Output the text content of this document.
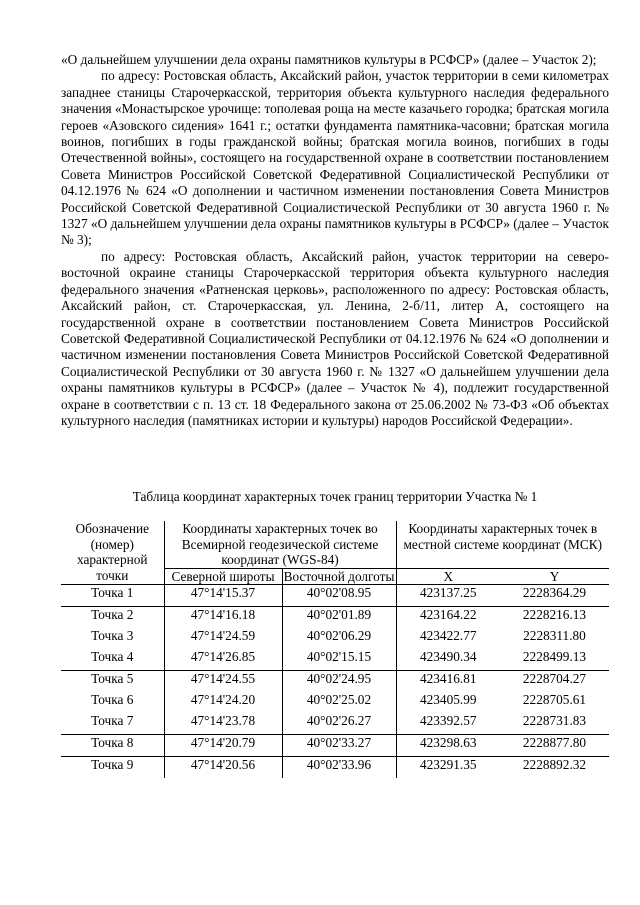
«О дальнейшем улучшении дела охраны памятников культуры в РСФСР» (далее – Участок 2);

по адресу: Ростовская область, Аксайский район, участок территории в семи километрах западнее станицы Старочеркасской, территория объекта культурного наследия федерального значения «Монастырское урочище: тополевая роща на месте казачьего городка; братская могила героев «Азовского сидения» 1641 г.; остатки фундамента памятника-часовни; братская могила воинов, погибших в годы гражданской войны; братская могила воинов, погибших в годы Отечественной войны», состоящего на государственной охране в соответствии постановлением Совета Министров Российской Советской Федеративной Социалистической Республики от 04.12.1976 № 624 «О дополнении и частичном изменении постановления Совета Министров Российской Советской Федеративной Социалистической Республики от 30 августа 1960 г. № 1327 «О дальнейшем улучшении дела охраны памятников культуры в РСФСР» (далее – Участок № 3);

по адресу: Ростовская область, Аксайский район, участок территории на северо-восточной окраине станицы Старочеркасской территория объекта культурного наследия федерального значения «Ратненская церковь», расположенного по адресу: Ростовская область, Аксайский район, ст. Старочеркасская, ул. Ленина, 2-б/11, литер А, состоящего на государственной охране в соответствии постановлением Совета Министров Российской Советской Федеративной Социалистической Республики от 04.12.1976 № 624 «О дополнении и частичном изменении постановления Совета Министров Российской Советской Федеративной Социалистической Республики от 30 августа 1960 г. № 1327 «О дальнейшем улучшении дела охраны памятников культуры в РСФСР» (далее – Участок № 4), подлежит государственной охране в соответствии с п. 13 ст. 18 Федерального закона от 25.06.2002 № 73-ФЗ «Об объектах культурного наследия (памятниках истории и культуры) народов Российской Федерации».

Таблица координат характерных точек границ территории Участка № 1
Обозначение (номер) характерной точки	Координаты характерных точек во Всемирной геодезической системе координат (WGS-84)		Координаты характерных точек в местной системе координат (МСК)	
	Северной широты	Восточной долготы	X	Y
Точка 1	47°14'15.37	40°02'08.95	423137.25	2228364.29
Точка 2	47°14'16.18	40°02'01.89	423164.22	2228216.13
Точка 3	47°14'24.59	40°02'06.29	423422.77	2228311.80
Точка 4	47°14'26.85	40°02'15.15	423490.34	2228499.13
Точка 5	47°14'24.55	40°02'24.95	423416.81	2228704.27
Точка 6	47°14'24.20	40°02'25.02	423405.99	2228705.61
Точка 7	47°14'23.78	40°02'26.27	423392.57	2228731.83
Точка 8	47°14'20.79	40°02'33.27	423298.63	2228877.80
Точка 9	47°14'20.56	40°02'33.96	423291.35	2228892.32
